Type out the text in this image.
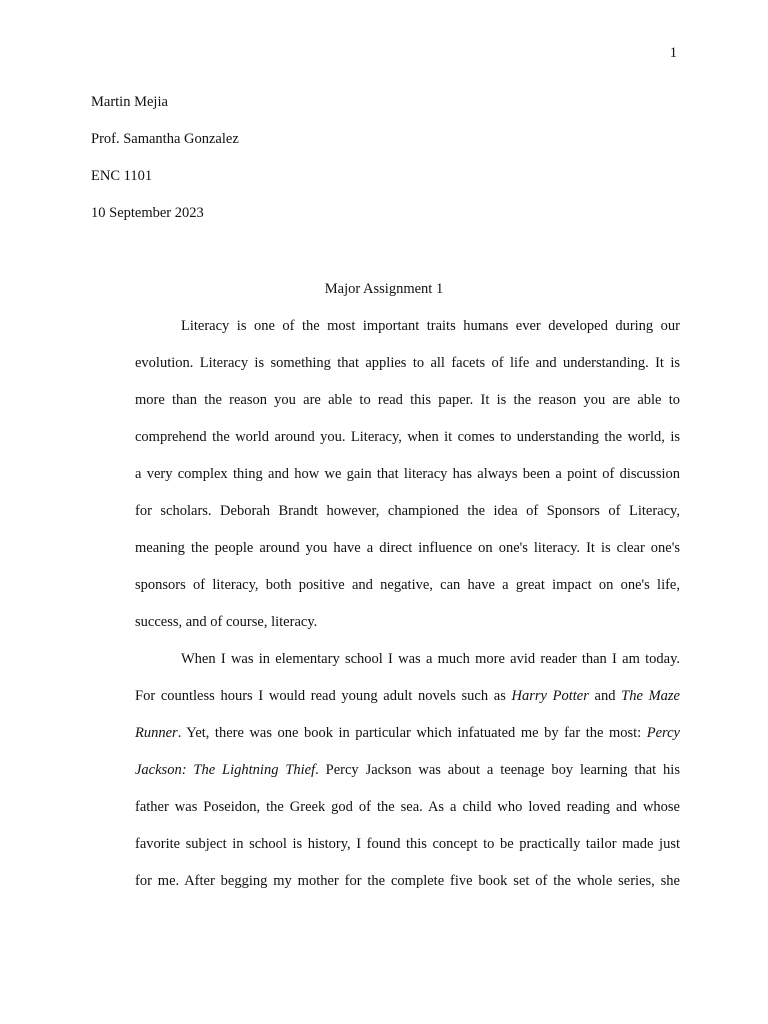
1
Martin Mejia
Prof. Samantha Gonzalez
ENC 1101
10 September 2023
Major Assignment 1
Literacy is one of the most important traits humans ever developed during our
evolution. Literacy is something that applies to all facets of life and understanding. It is
more than the reason you are able to read this paper. It is the reason you are able to
comprehend the world around you. Literacy, when it comes to understanding the world, is
a very complex thing and how we gain that literacy has always been a point of discussion
for scholars. Deborah Brandt however, championed the idea of Sponsors of Literacy,
meaning the people around you have a direct influence on one's literacy. It is clear one's
sponsors of literacy, both positive and negative, can have a great impact on one's life,
success, and of course, literacy.
When I was in elementary school I was a much more avid reader than I am today.
For countless hours I would read young adult novels such as Harry Potter and The Maze
Runner. Yet, there was one book in particular which infatuated me by far the most: Percy
Jackson: The Lightning Thief. Percy Jackson was about a teenage boy learning that his
father was Poseidon, the Greek god of the sea. As a child who loved reading and whose
favorite subject in school is history, I found this concept to be practically tailor made just
for me. After begging my mother for the complete five book set of the whole series, she
